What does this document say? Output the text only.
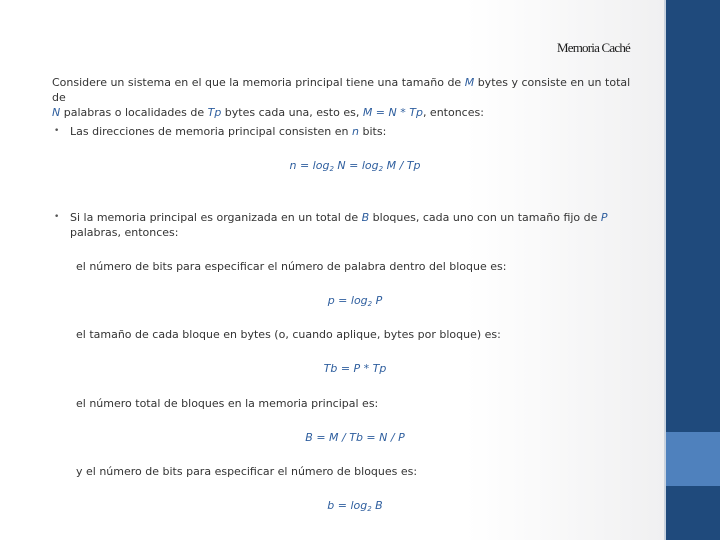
Memoria Caché
Considere un sistema en el que la memoria principal tiene una tamaño de M bytes y consiste en un total de
N palabras o localidades de Tp bytes cada una, esto es, M = N * Tp, entonces:
• Las direcciones de memoria principal consisten en n bits:
$n = \log_2 N = \log_2 M / Tp$
• Si la memoria principal es organizada en un total de B bloques, cada uno con un tamaño fijo de P
palabras, entonces:
el número de bits para especificar el número de palabra dentro del bloque es:
$p = \log_2 P$
el tamaño de cada bloque en bytes (o, cuando aplique, bytes por bloque) es:
Tb = P * Tp
el número total de bloques en la memoria principal es:
B = M / Tb = N / P
y el número de bits para especificar el número de bloques es:
$b = \log_2 B$
